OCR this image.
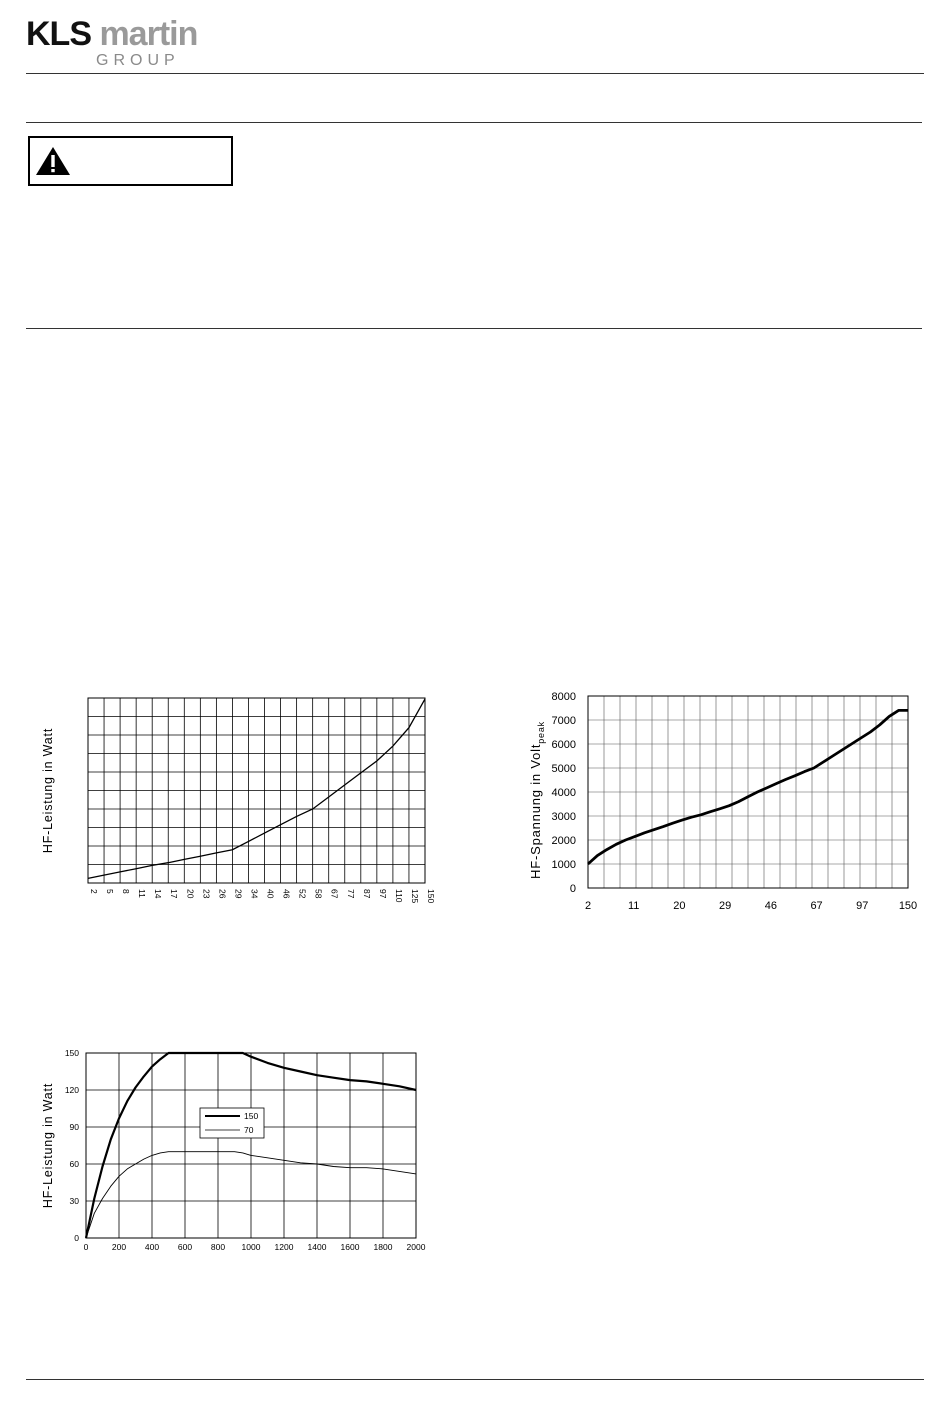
KLS martin
GROUP
2 5 8 11 14 17 20 23 26 29 34 40 46 52 58 67 77 87 97 110 125 150
HF-Leistung in Watt
0
1000
2000
3000
4000
5000
6000
7000
8000
2	11	20	29	46	67	97	150
HF-Spannung in Volt$_{peak}$
0	200 400 600 800 1000 1200 1400 1600 1800 2000
0
30
60
90
120
150
150
70
HF-Leistung in Watt
